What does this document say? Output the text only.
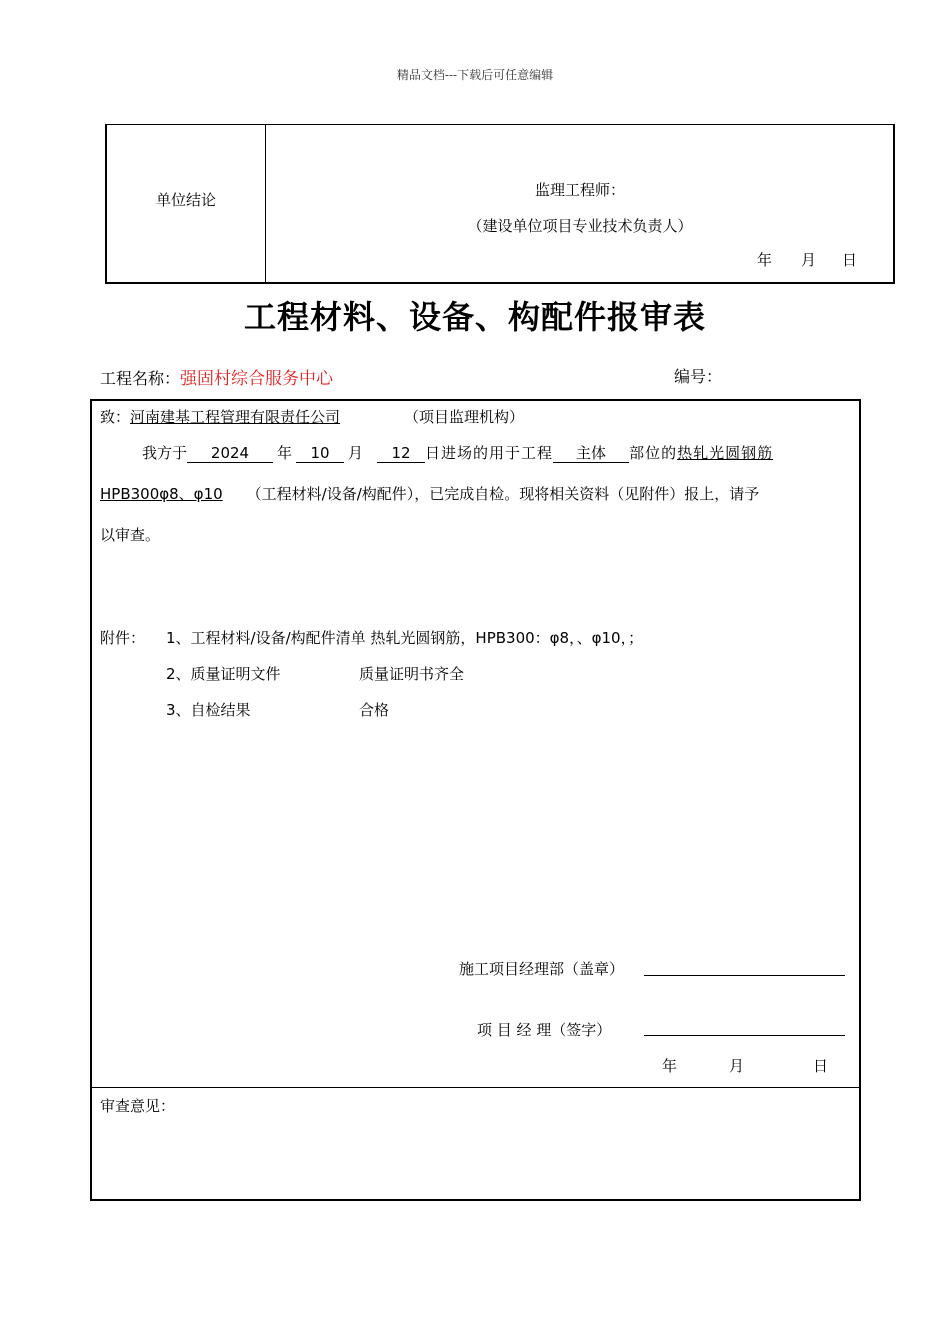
精品文档---下载后可任意编辑
单位结论
监理工程师：
（建设单位项目专业技术负责人）
年 月 日
工程材料、设备、构配件报审表
工程名称：强固村综合服务中心	编号：
致：河南建基工程管理有限责任公司	（项目监理机构）
我方于 2024 年 10 月 12 日进场的用于工程 主体 部位的热轧光圆钢筋
HPB300φ8、φ10 （工程材料/设备/构配件），已完成自检。现将相关资料（见附件）报上，请予
以审查。
附件： 1、工程材料/设备/构配件清单 热轧光圆钢筋，HPB300：φ8，、φ10，；
2、质量证明文件	质量证明书齐全
3、自检结果	合格
施工项目经理部（盖章）
项 目 经 理（签字）
年	月	日
审查意见：
